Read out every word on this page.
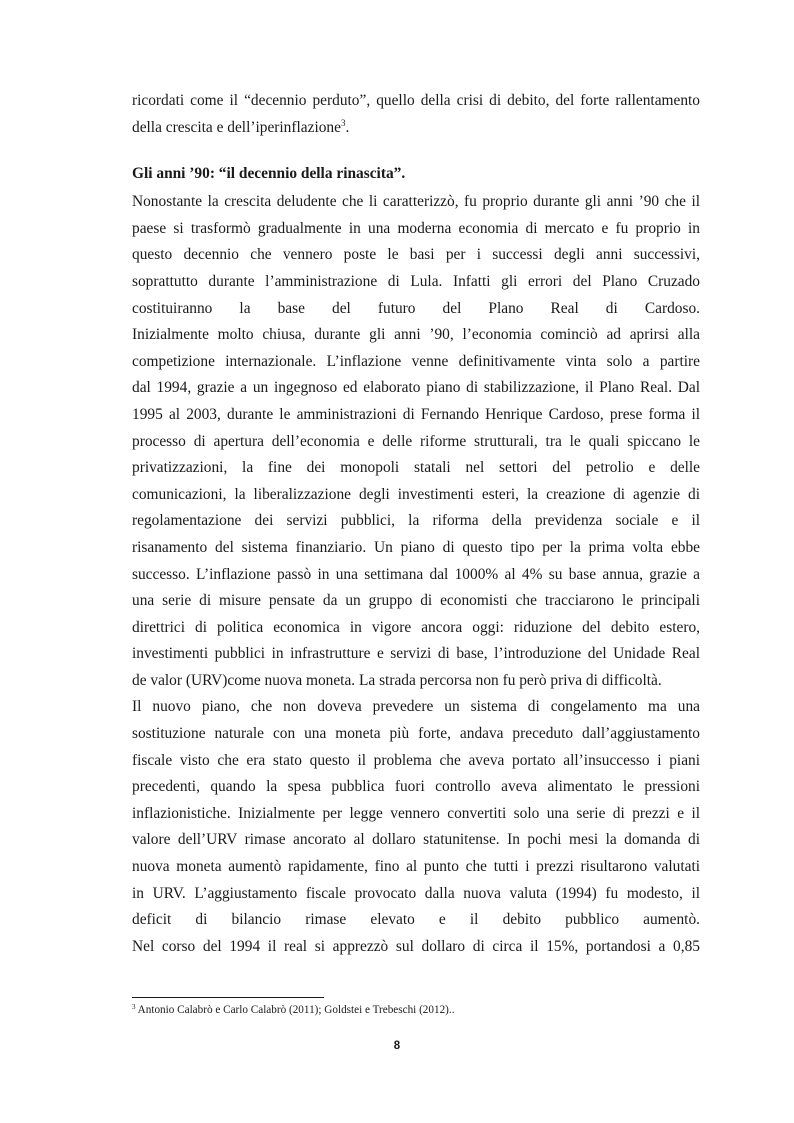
ricordati come il “decennio perduto”, quello della crisi di debito, del forte rallentamento
della crescita e dell’iperinflazione$^3$.

Gli anni ’90: “il decennio della rinascita”.

Nonostante la crescita deludente che li caratterizzò, fu proprio durante gli anni ’90 che il
paese si trasformò gradualmente in una moderna economia di mercato e fu proprio in
questo decennio che vennero poste le basi per i successi degli anni successivi,
soprattutto durante l’amministrazione di Lula. Infatti gli errori del Plano Cruzado
costituiranno la base del futuro del Plano Real di Cardoso.
Inizialmente molto chiusa, durante gli anni ’90, l’economia cominciò ad aprirsi alla
competizione internazionale. L’inflazione venne definitivamente vinta solo a partire
dal 1994, grazie a un ingegnoso ed elaborato piano di stabilizzazione, il Plano Real. Dal
1995 al 2003, durante le amministrazioni di Fernando Henrique Cardoso, prese forma il
processo di apertura dell’economia e delle riforme strutturali, tra le quali spiccano le
privatizzazioni, la fine dei monopoli statali nel settori del petrolio e delle
comunicazioni, la liberalizzazione degli investimenti esteri, la creazione di agenzie di
regolamentazione dei servizi pubblici, la riforma della previdenza sociale e il
risanamento del sistema finanziario. Un piano di questo tipo per la prima volta ebbe
successo. L’inflazione passò in una settimana dal 1000% al 4% su base annua, grazie a
una serie di misure pensate da un gruppo di economisti che tracciarono le principali
direttrici di politica economica in vigore ancora oggi: riduzione del debito estero,
investimenti pubblici in infrastrutture e servizi di base, l’introduzione del Unidade Real
de valor (URV)come nuova moneta. La strada percorsa non fu però priva di difficoltà.

Il nuovo piano, che non doveva prevedere un sistema di congelamento ma una
sostituzione naturale con una moneta più forte, andava preceduto dall’aggiustamento
fiscale visto che era stato questo il problema che aveva portato all’insuccesso i piani
precedenti, quando la spesa pubblica fuori controllo aveva alimentato le pressioni
inflazionistiche. Inizialmente per legge vennero convertiti solo una serie di prezzi e il
valore dell’URV rimase ancorato al dollaro statunitense. In pochi mesi la domanda di
nuova moneta aumentò rapidamente, fino al punto che tutti i prezzi risultarono valutati
in URV. L’aggiustamento fiscale provocato dalla nuova valuta (1994) fu modesto, il
deficit di bilancio rimase elevato e il debito pubblico aumentò.
Nel corso del 1994 il real si apprezzò sul dollaro di circa il 15%, portandosi a 0,85

$^3$ Antonio Calabrò e Carlo Calabrò (2011); Goldstei e Trebeschi (2012)..
8
